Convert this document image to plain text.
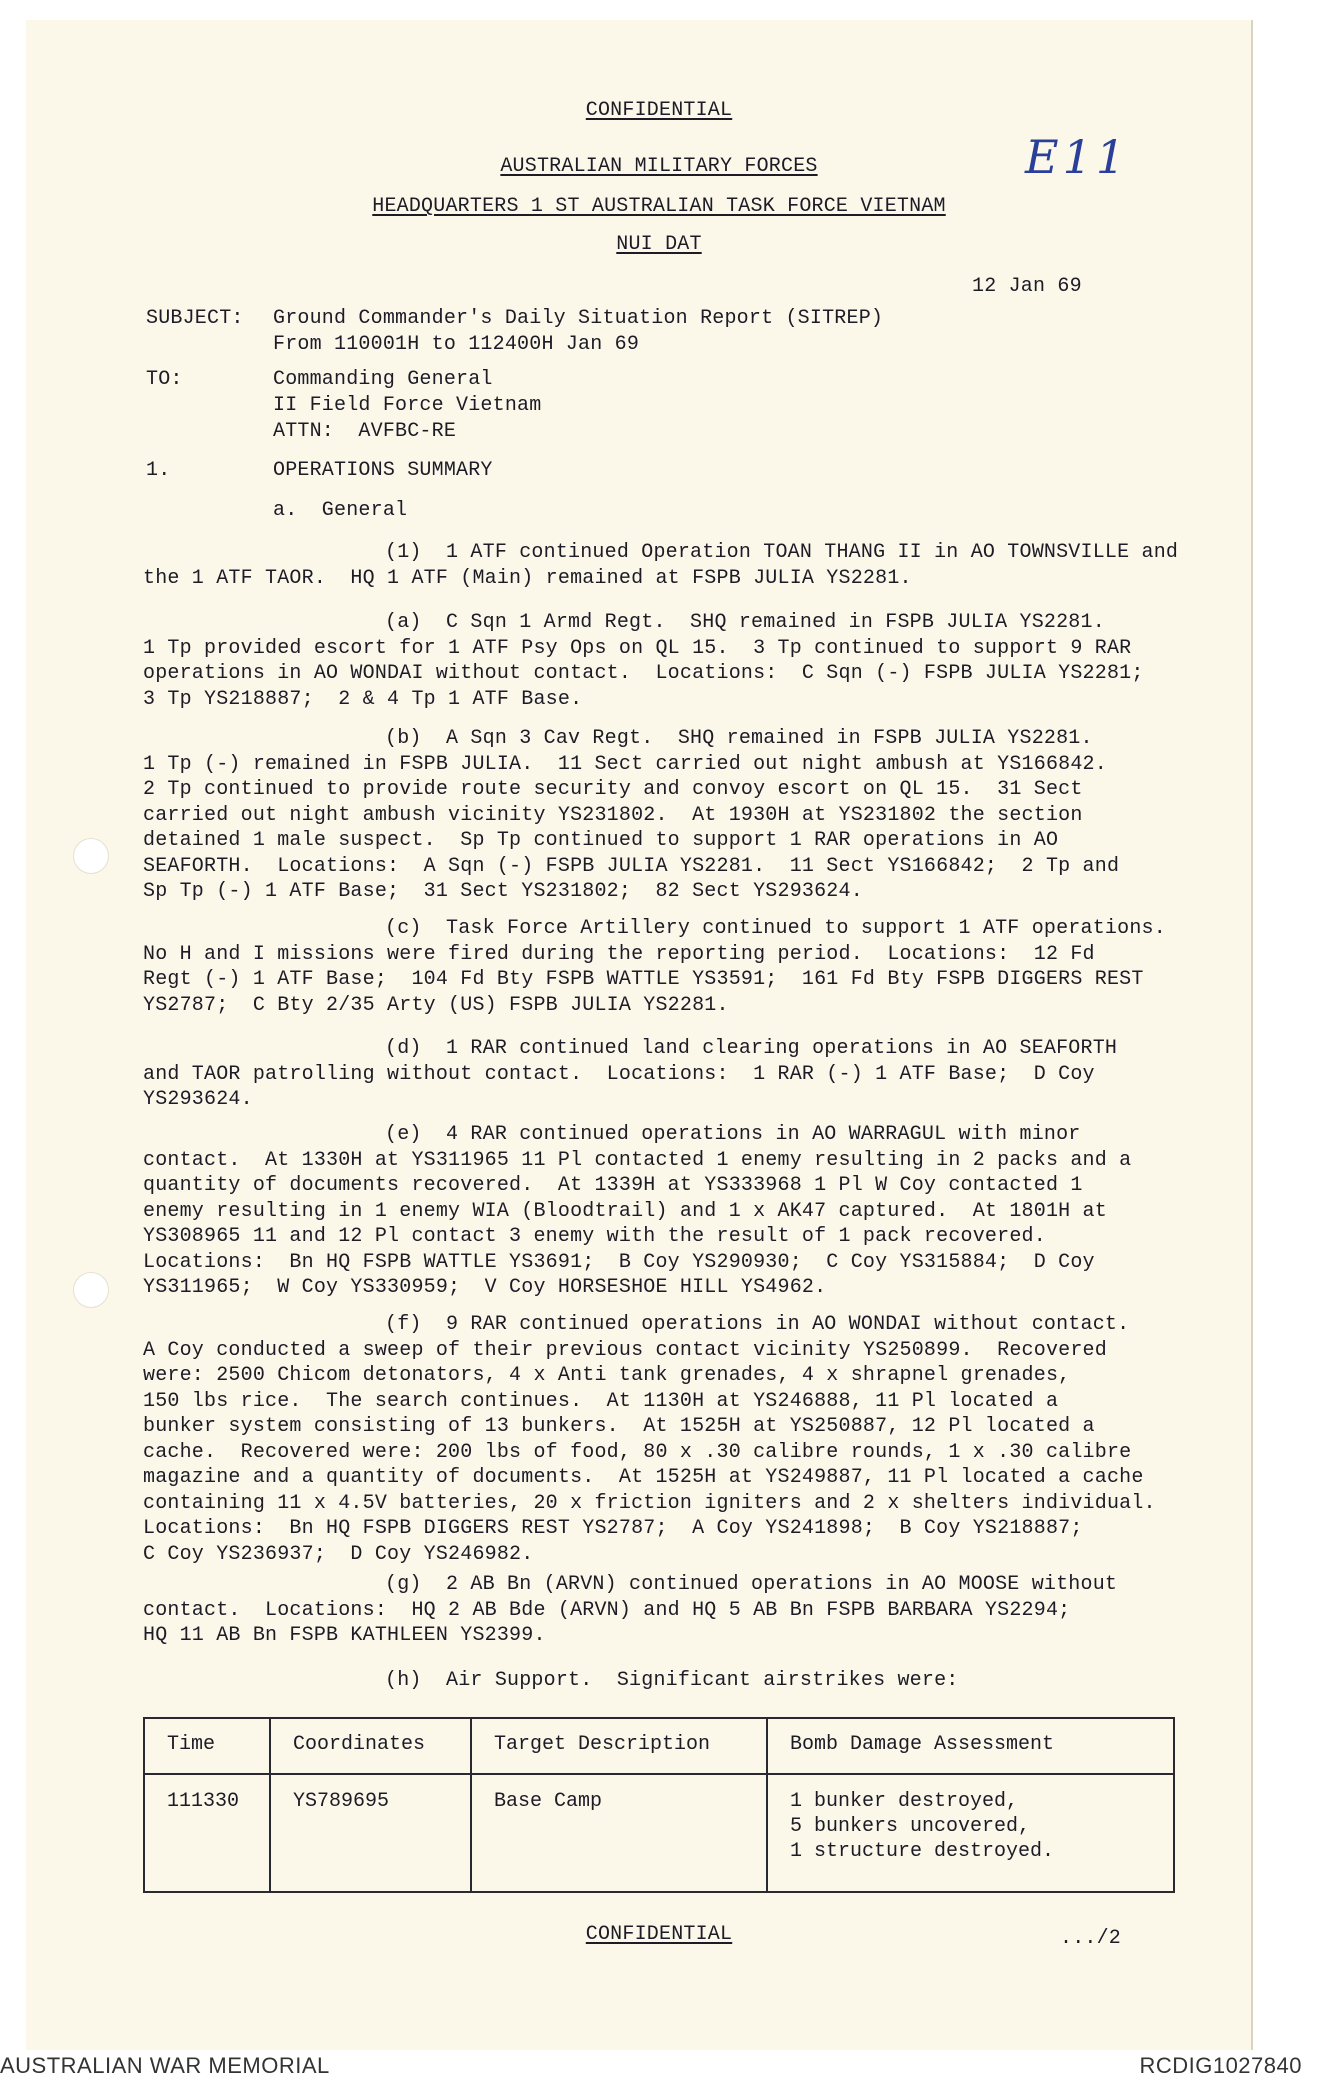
CONFIDENTIAL
AUSTRALIAN MILITARY FORCES
HEADQUARTERS 1 ST AUSTRALIAN TASK FORCE VIETNAM
NUI DAT
E11
12 Jan 69
SUBJECT: Ground Commander's Daily Situation Report (SITREP)
From 110001H to 112400H Jan 69
TO:	Commanding General
II Field Force Vietnam
ATTN:  AVFBC-RE
1.	OPERATIONS SUMMARY
a.  General
(1)  1 ATF continued Operation TOAN THANG II in AO TOWNSVILLE and
the 1 ATF TAOR.  HQ 1 ATF (Main) remained at FSPB JULIA YS2281.
(a)  C Sqn 1 Armd Regt.  SHQ remained in FSPB JULIA YS2281.
1 Tp provided escort for 1 ATF Psy Ops on QL 15.  3 Tp continued to support 9 RAR
operations in AO WONDAI without contact.  Locations:  C Sqn (-) FSPB JULIA YS2281;
3 Tp YS218887;  2 & 4 Tp 1 ATF Base.
(b)  A Sqn 3 Cav Regt.  SHQ remained in FSPB JULIA YS2281.
1 Tp (-) remained in FSPB JULIA.  11 Sect carried out night ambush at YS166842.
2 Tp continued to provide route security and convoy escort on QL 15.  31 Sect
carried out night ambush vicinity YS231802.  At 1930H at YS231802 the section
detained 1 male suspect.  Sp Tp continued to support 1 RAR operations in AO
SEAFORTH.  Locations:  A Sqn (-) FSPB JULIA YS2281.  11 Sect YS166842;  2 Tp and
Sp Tp (-) 1 ATF Base;  31 Sect YS231802;  82 Sect YS293624.
(c)  Task Force Artillery continued to support 1 ATF operations.
No H and I missions were fired during the reporting period.  Locations:  12 Fd
Regt (-) 1 ATF Base;  104 Fd Bty FSPB WATTLE YS3591;  161 Fd Bty FSPB DIGGERS REST
YS2787;  C Bty 2/35 Arty (US) FSPB JULIA YS2281.
(d)  1 RAR continued land clearing operations in AO SEAFORTH
and TAOR patrolling without contact.  Locations:  1 RAR (-) 1 ATF Base;  D Coy
YS293624.
(e)  4 RAR continued operations in AO WARRAGUL with minor
contact.  At 1330H at YS311965 11 Pl contacted 1 enemy resulting in 2 packs and a
quantity of documents recovered.  At 1339H at YS333968 1 Pl W Coy contacted 1
enemy resulting in 1 enemy WIA (Bloodtrail) and 1 x AK47 captured.  At 1801H at
YS308965 11 and 12 Pl contact 3 enemy with the result of 1 pack recovered.
Locations:  Bn HQ FSPB WATTLE YS3691;  B Coy YS290930;  C Coy YS315884;  D Coy
YS311965;  W Coy YS330959;  V Coy HORSESHOE HILL YS4962.
(f)  9 RAR continued operations in AO WONDAI without contact.
A Coy conducted a sweep of their previous contact vicinity YS250899.  Recovered
were: 2500 Chicom detonators, 4 x Anti tank grenades, 4 x shrapnel grenades,
150 lbs rice.  The search continues.  At 1130H at YS246888, 11 Pl located a
bunker system consisting of 13 bunkers.  At 1525H at YS250887, 12 Pl located a
cache.  Recovered were: 200 lbs of food, 80 x .30 calibre rounds, 1 x .30 calibre
magazine and a quantity of documents.  At 1525H at YS249887, 11 Pl located a cache
containing 11 x 4.5V batteries, 20 x friction igniters and 2 x shelters individual.
Locations:  Bn HQ FSPB DIGGERS REST YS2787;  A Coy YS241898;  B Coy YS218887;
C Coy YS236937;  D Coy YS246982.
(g)  2 AB Bn (ARVN) continued operations in AO MOOSE without
contact.  Locations:  HQ 2 AB Bde (ARVN) and HQ 5 AB Bn FSPB BARBARA YS2294;
HQ 11 AB Bn FSPB KATHLEEN YS2399.
(h)  Air Support.  Significant airstrikes were:
Time	Coordinates	Target Description	Bomb Damage Assessment
111330	YS789695	Base Camp	1 bunker destroyed,
5 bunkers uncovered,
1 structure destroyed.
CONFIDENTIAL	.../2
AUSTRALIAN WAR MEMORIAL	RCDIG1027840
